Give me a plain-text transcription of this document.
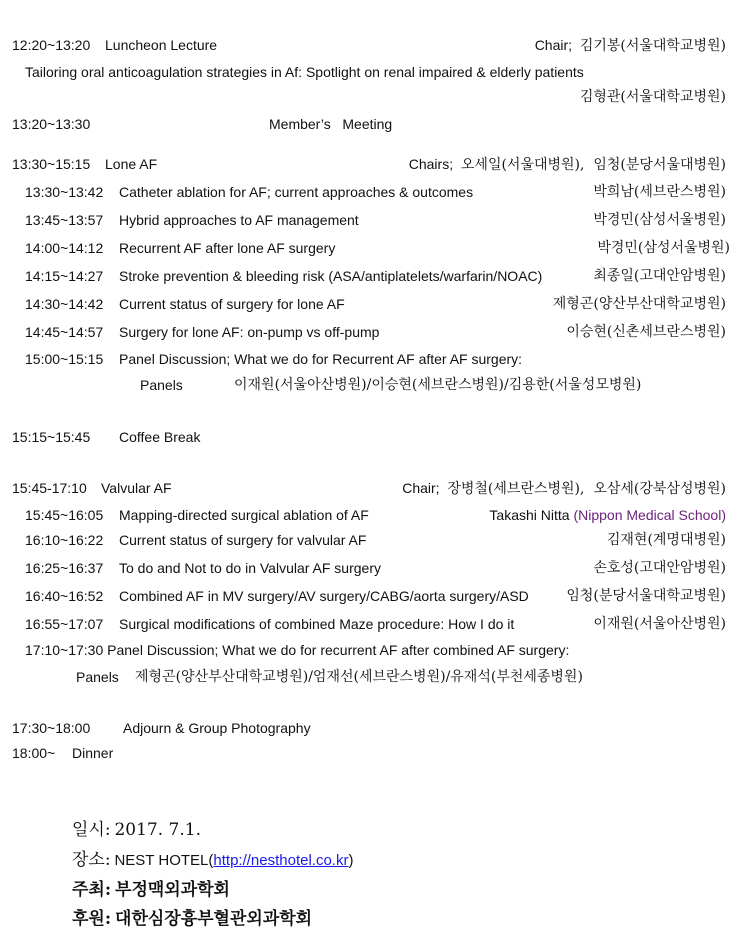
12:20~13:20 Luncheon Lecture	Chair; 김기봉(서울대학교병원)
Tailoring oral anticoagulation strategies in Af: Spotlight on renal impaired & elderly patients
김형관(서울대학교병원)
13:20~13:30	Member’s   Meeting
13:30~15:15 Lone AF	Chairs; 오세일(서울대병원),  임청(분당서울대병원)
13:30~13:42 Catheter ablation for AF; current approaches & outcomes	박희남(세브란스병원)
13:45~13:57 Hybrid approaches to AF management	박경민(삼성서울병원)
14:00~14:12 Recurrent AF after lone AF surgery	박경민(삼성서울병원)
14:15~14:27 Stroke prevention & bleeding risk (ASA/antiplatelets/warfarin/NOAC)	최종일(고대안암병원)
14:30~14:42 Current status of surgery for lone AF	제형곤(양산부산대학교병원)
14:45~14:57 Surgery for lone AF: on-pump vs off-pump	이승현(신촌세브란스병원)
15:00~15:15 Panel Discussion; What we do for Recurrent AF after AF surgery:
Panels	이재원(서울아산병원)/이승현(세브란스병원)/김용한(서울성모병원)
15:15~15:45 Coffee Break
15:45-17:10 Valvular AF	Chair; 장병철(세브란스병원),  오삼세(강북삼성병원)
15:45~16:05 Mapping-directed surgical ablation of AF	Takashi Nitta (Nippon Medical School)
16:10~16:22 Current status of surgery for valvular AF	김재현(계명대병원)
16:25~16:37 To do and Not to do in Valvular AF surgery	손호성(고대안암병원)
16:40~16:52 Combined AF in MV surgery/AV surgery/CABG/aorta surgery/ASD	임청(분당서울대학교병원)
16:55~17:07 Surgical modifications of combined Maze procedure: How I do it	이재원(서울아산병원)
17:10~17:30 Panel Discussion; What we do for recurrent AF after combined AF surgery:
Panels 제형곤(양산부산대학교병원)/엄재선(세브란스병원)/유재석(부천세종병원)
17:30~18:00 Adjourn & Group Photography
18:00~ Dinner
일시: 2017. 7.1.
장소: NEST HOTEL(http://nesthotel.co.kr)
주최: 부정맥외과학회
후원: 대한심장흉부혈관외과학회
